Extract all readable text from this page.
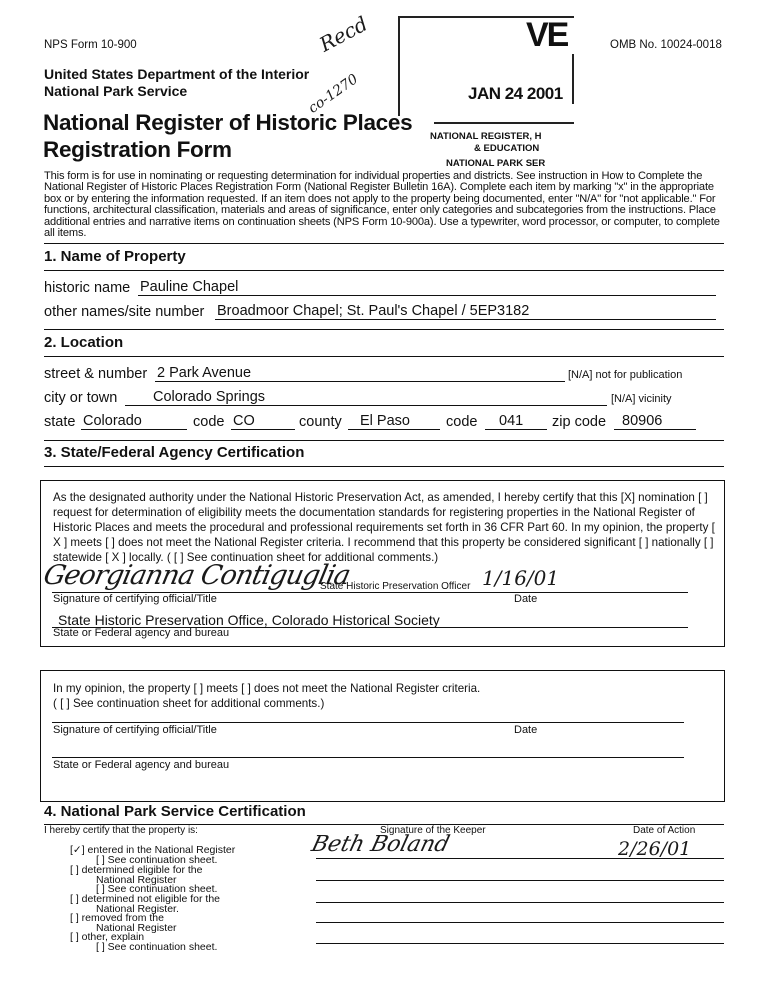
NPS Form 10-900	OMB No. 10024-0018
United States Department of the Interior
National Park Service
National Register of Historic Places
Registration Form
VE
JAN 24 2001
NATIONAL REGISTER, H
& EDUCATION
NATIONAL PARK SER
Recd
co-1270
This form is for use in nominating or requesting determination for individual properties and districts. See instruction in How to Complete the National Register of Historic Places Registration Form (National Register Bulletin 16A). Complete each item by marking "x" in the appropriate box or by entering the information requested. If an item does not apply to the property being documented, enter "N/A" for "not applicable." For functions, architectural classification, materials and areas of significance, enter only categories and subcategories from the instructions. Place additional entries and narrative items on continuation sheets (NPS Form 10-900a). Use a typewriter, word processor, or computer, to complete all items.
1. Name of Property
historic name Pauline Chapel
other names/site number Broadmoor Chapel; St. Paul's Chapel / 5EP3182
2. Location
street & number 2 Park Avenue	[N/A] not for publication
city or town	Colorado Springs	[N/A] vicinity
state Colorado	code CO	county	El Paso	code	041	zip code	80906
3. State/Federal Agency Certification
As the designated authority under the National Historic Preservation Act, as amended, I hereby certify that this [X] nomination [ ] request for determination of eligibility meets the documentation standards for registering properties in the National Register of Historic Places and meets the procedural and professional requirements set forth in 36 CFR Part 60. In my opinion, the property [ X ] meets [ ] does not meet the National Register criteria. I recommend that this property be considered significant [ ] nationally [ ] statewide [ X ] locally. ( [ ] See continuation sheet for additional comments.)
Georgianna Contiguglia
State Historic Preservation Officer 1/16/01
Signature of certifying official/Title	Date
State Historic Preservation Office, Colorado Historical Society
State or Federal agency and bureau
In my opinion, the property [ ] meets [ ] does not meet the National Register criteria.
( [ ] See continuation sheet for additional comments.)
Signature of certifying official/Title	Date
State or Federal agency and bureau
4. National Park Service Certification
I hereby certify that the property is:	Signature of the Keeper	Date of Action
Beth Boland	2/26/01
[✓] entered in the National Register
[ ] See continuation sheet.
[ ] determined eligible for the
National Register
[ ] See continuation sheet.
[ ] determined not eligible for the
National Register.
[ ] removed from the
National Register
[ ] other, explain
[ ] See continuation sheet.
